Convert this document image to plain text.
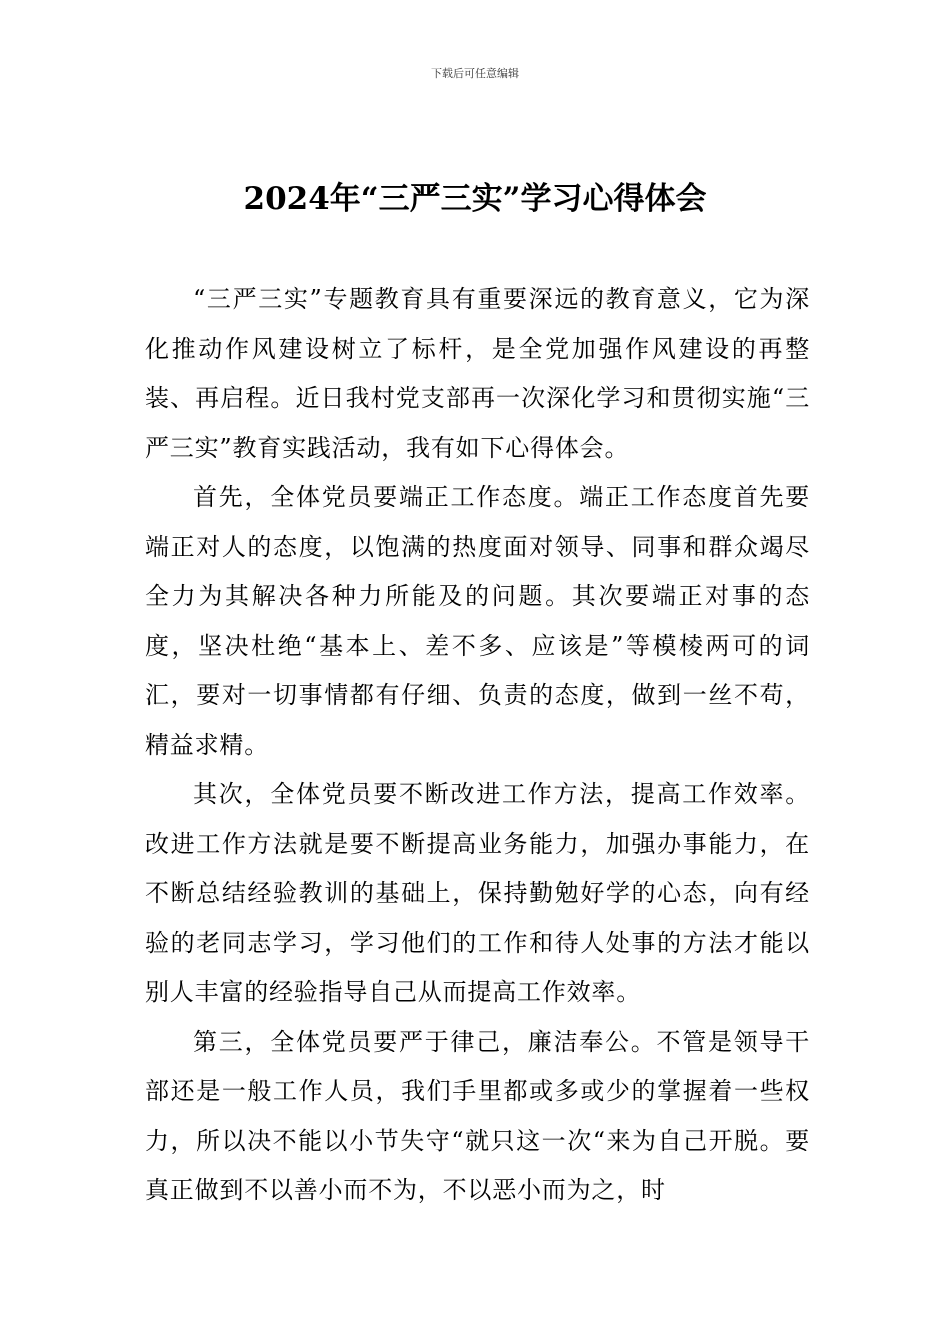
下载后可任意编辑
2024年“三严三实”学习心得体会

“三严三实”专题教育具有重要深远的教育意义，它为深化推动作风建设树立了标杆，是全党加强作风建设的再整装、再启程。近日我村党支部再一次深化学习和贯彻实施“三严三实”教育实践活动，我有如下心得体会。

首先，全体党员要端正工作态度。端正工作态度首先要端正对人的态度，以饱满的热度面对领导、同事和群众竭尽全力为其解决各种力所能及的问题。其次要端正对事的态度，坚决杜绝“基本上、差不多、应该是”等模棱两可的词汇，要对一切事情都有仔细、负责的态度，做到一丝不苟，精益求精。

其次，全体党员要不断改进工作方法，提高工作效率。改进工作方法就是要不断提高业务能力，加强办事能力，在不断总结经验教训的基础上，保持勤勉好学的心态，向有经验的老同志学习，学习他们的工作和待人处事的方法才能以别人丰富的经验指导自己从而提高工作效率。

第三，全体党员要严于律己，廉洁奉公。不管是领导干部还是一般工作人员，我们手里都或多或少的掌握着一些权力，所以决不能以小节失守“就只这一次“来为自己开脱。要真正做到不以善小而不为，不以恶小而为之，时
